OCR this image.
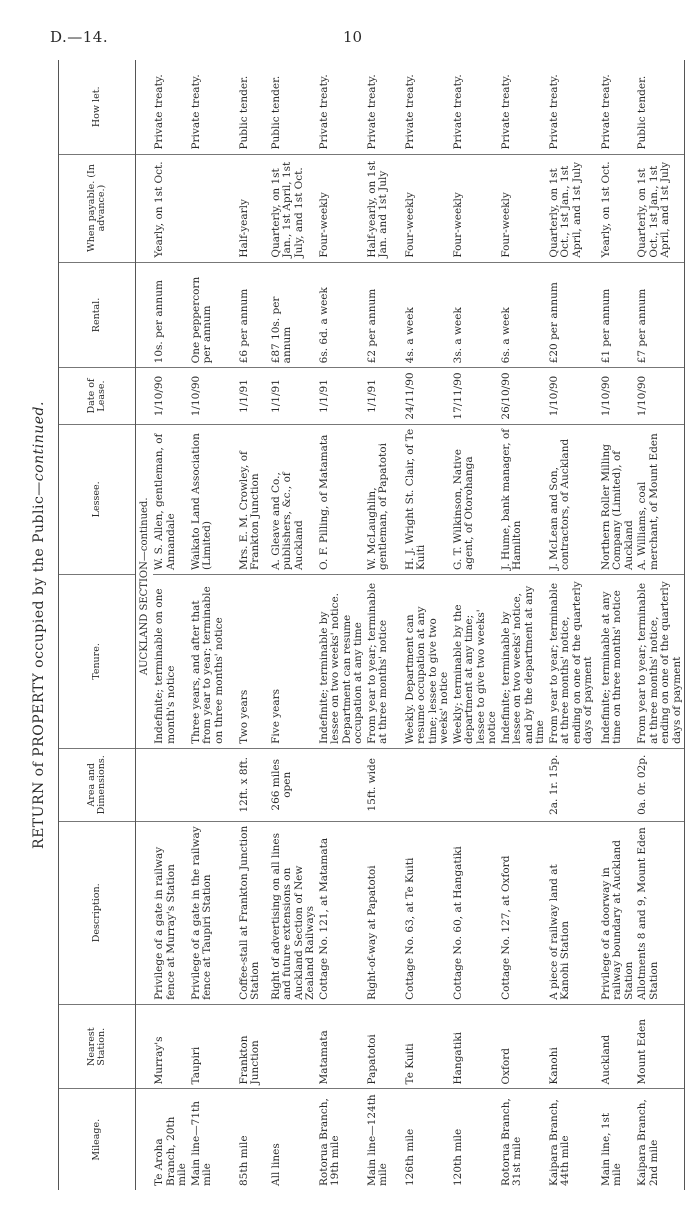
D.—14.	10
RETURN of PROPERTY occupied by the Public—continued.
Mileage.	Nearest Station.	Description.	Area and Dimensions.	Tenure.	Lessee.	Date of Lease.	Rental.	When payable. (In advance.)	How let.
				AUCKLAND SECTION—continued.					
Te Aroha Branch, 20th mile	Murray's	Privilege of a gate in railway fence at Murray's Station		Indefinite; terminable on one month's notice	W. S. Allen, gentleman, of Annandale	1/10/90	10s. per annum	Yearly, on 1st Oct.	Private treaty.
Main line—71th mile	Taupiri	Privilege of a gate in the railway fence at Taupiri Station		Three years, and after that from year to year; terminable on three months' notice	Waikato Land Association (Limited)	1/10/90	One peppercorn per annum		Private treaty.
85th mile	Frankton Junction	Coffee-stall at Frankton Junction Station	12ft. x 8ft.	Two years	Mrs. E. M. Crowley, of Frankton Junction	1/1/91	£6 per annum	Half-yearly	Public tender.
All lines		Right of advertising on all lines and future extensions on Auckland Section of New Zealand Railways	266 miles open	Five years	A. Gleave and Co., publishers, &c., of Auckland	1/1/91	£87 10s. per annum	Quarterly, on 1st Jan., 1st April, 1st July, and 1st Oct.	Public tender.
Rotorua Branch, 19th mile	Matamata	Cottage No. 121, at Matamata		Indefinite; terminable by lessee on two weeks' notice. Department can resume occupation at any time	O. F. Pilling, of Matamata	1/1/91	6s. 6d. a week	Four-weekly	Private treaty.
Main line—124th mile	Papatotoi	Right-of-way at Papatotoi	15ft. wide	From year to year; terminable at three months' notice	W. McLaughlin, gentleman, of Papatotoi	1/1/91	£2 per annum	Half-yearly, on 1st Jan. and 1st July	Private treaty.
126th mile	Te Kuiti	Cottage No. 63, at Te Kuiti		Weekly. Department can resume occupation at any time; lessee to give two weeks' notice	H. J. Wright St. Clair, of Te Kuiti	24/11/90	4s. a week	Four-weekly	Private treaty.
120th mile	Hangatiki	Cottage No. 60, at Hangatiki		Weekly; terminable by the department at any time; lessee to give two weeks' notice	G. T. Wilkinson, Native agent, of Otorohanga	17/11/90	3s. a week	Four-weekly	Private treaty.
Rotorua Branch, 31st mile	Oxford	Cottage No. 127, at Oxford		Indefinite; terminable by lessee on two weeks' notice, and by the department at any time	J. Hume, bank manager, of Hamilton	26/10/90	6s. a week	Four-weekly	Private treaty.
Kaipara Branch, 44th mile	Kanohi	A piece of railway land at Kanohi Station	2a. 1r. 15p.	From year to year; terminable at three months' notice, ending on one of the quarterly days of payment	J. McLean and Son, contractors, of Auckland	1/10/90	£20 per annum	Quarterly, on 1st Oct., 1st Jan., 1st April, and 1st July	Private treaty.
Main line, 1st mile	Auckland	Privilege of a doorway in railway boundary at Auckland Station		Indefinite; terminable at any time on three months' notice	Northern Roller Milling Company (Limited), of Auckland	1/10/90	£1 per annum	Yearly, on 1st Oct.	Private treaty.
Kaipara Branch, 2nd mile	Mount Eden	Allotments 8 and 9, Mount Eden Station	0a. 0r. 02p.	From year to year; terminable at three months' notice, ending on one of the quarterly days of payment	A. Williams, coal merchant, of Mount Eden	1/10/90	£7 per annum	Quarterly, on 1st Oct., 1st Jan., 1st April, and 1st July	Public tender.
